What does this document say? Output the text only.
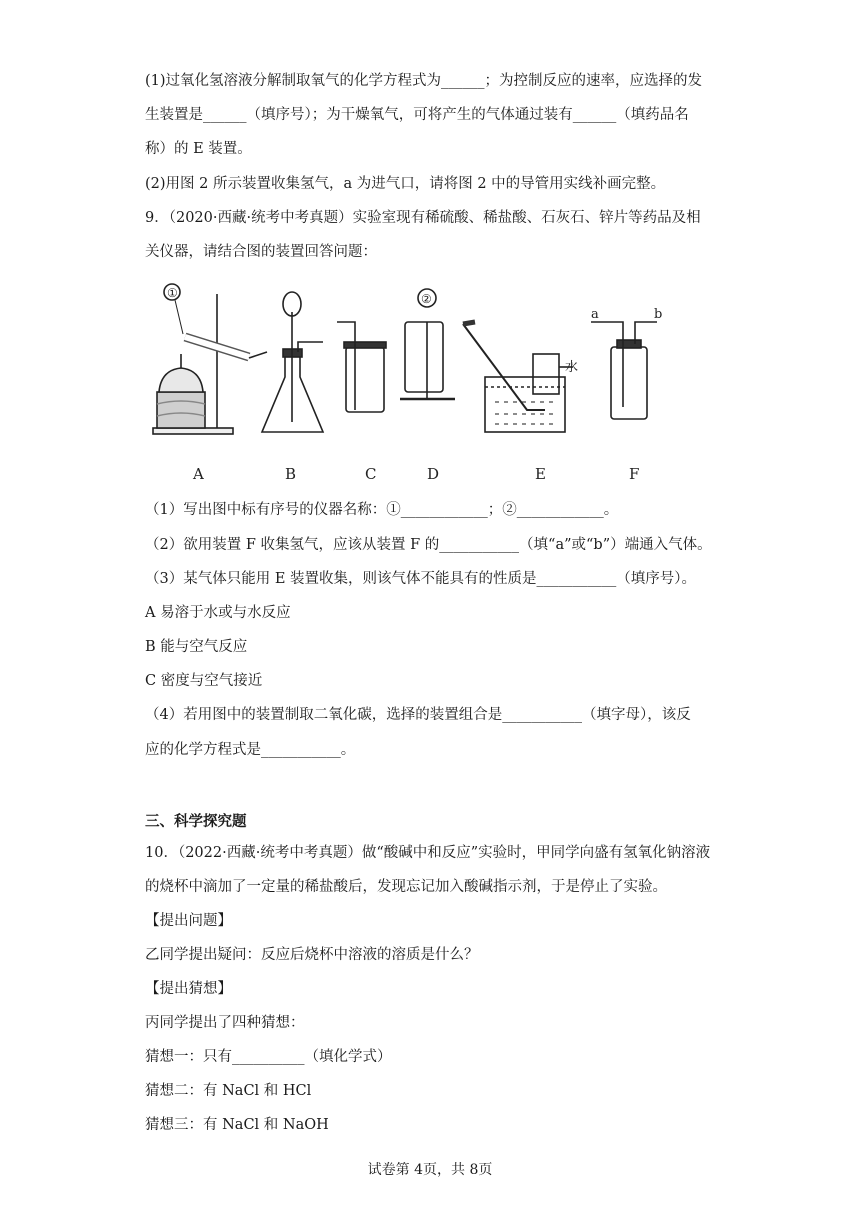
(1)过氧化氢溶液分解制取氧气的化学方程式为______；为控制反应的速率，应选择的发
生装置是______（填序号）；为干燥氧气，可将产生的气体通过装有______（填药品名
称）的 E 装置。
(2)用图 2 所示装置收集氢气，a 为进气口，请将图 2 中的导管用实线补画完整。
9．（2020·西藏·统考中考真题）实验室现有稀硫酸、稀盐酸、石灰石、锌片等药品及相
关仪器，请结合图的装置回答问题：
①	②
水
a	b
A	B	C	D	E	F
（1）写出图中标有序号的仪器名称：①____________；②____________。
（2）欲用装置 F 收集氢气，应该从装置 F 的___________（填“a”或“b”）端通入气体。
（3）某气体只能用 E 装置收集，则该气体不能具有的性质是___________（填序号）。
A 易溶于水或与水反应
B 能与空气反应
C 密度与空气接近
（4）若用图中的装置制取二氧化碳，选择的装置组合是___________（填字母），该反
应的化学方程式是___________。
三、科学探究题
10．（2022·西藏·统考中考真题）做“酸碱中和反应”实验时，甲同学向盛有氢氧化钠溶液
的烧杯中滴加了一定量的稀盐酸后，发现忘记加入酸碱指示剂，于是停止了实验。
【提出问题】
乙同学提出疑问：反应后烧杯中溶液的溶质是什么？
【提出猜想】
丙同学提出了四种猜想：
猜想一：只有__________（填化学式）
猜想二：有 NaCl 和 HCl
猜想三：有 NaCl 和 NaOH
试卷第 4页，共 8页
